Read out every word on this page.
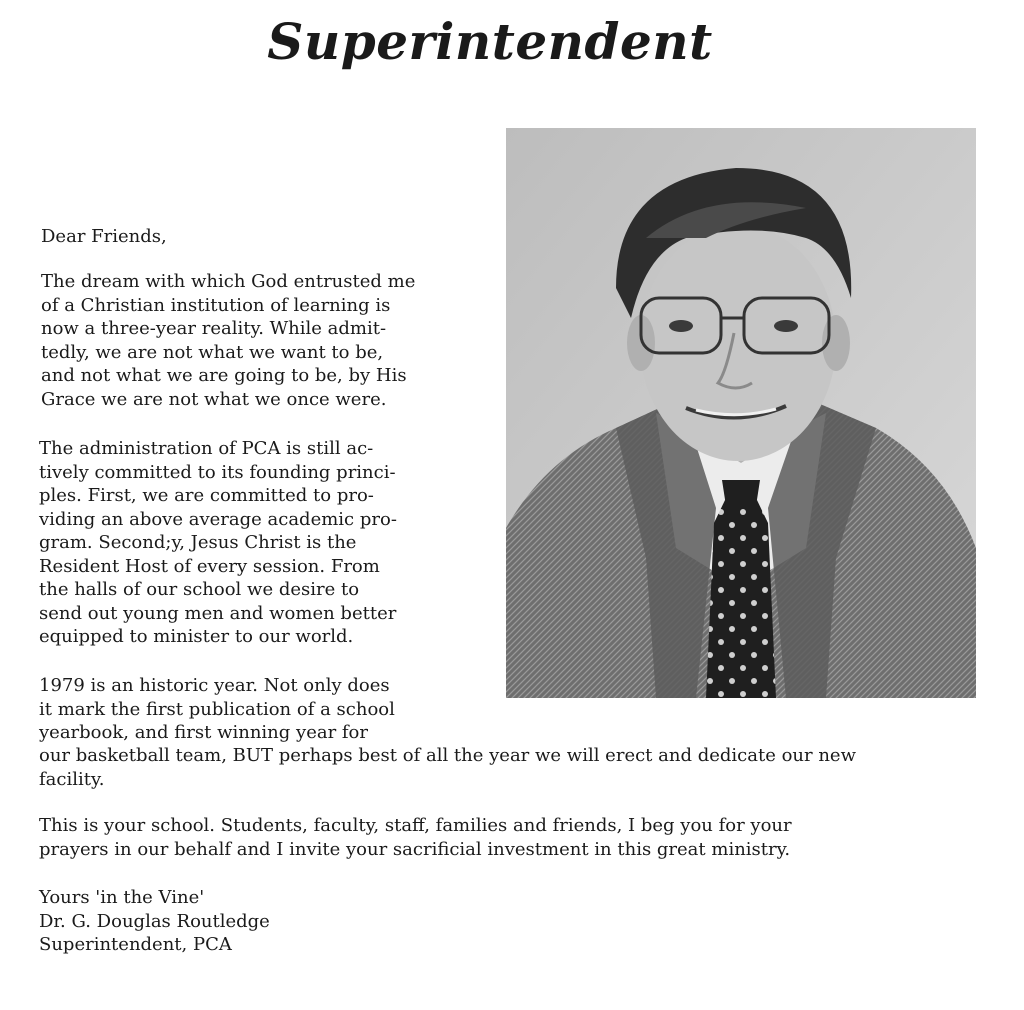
Superintendent

Dear Friends,

The dream with which God entrusted me
of a Christian institution of learning is
now a three-year reality. While admit-
tedly, we are not what we want to be,
and not what we are going to be, by His
Grace we are not what we once were.

The administration of PCA is still ac-
tively committed to its founding princi-
ples. First, we are committed to pro-
viding an above average academic pro-
gram. Second;y, Jesus Christ is the
Resident Host of every session. From
the halls of our school we desire to
send out young men and women better
equipped to minister to our world.

1979 is an historic year. Not only does
it mark the first publication of a school
yearbook, and first winning year for

our basketball team, BUT perhaps best of all the year we will erect and dedicate our new
facility.

This is your school. Students, faculty, staff, families and friends, I beg you for your
prayers in our behalf and I invite your sacrificial investment in this great ministry.

Yours 'in the Vine'
Dr. G. Douglas Routledge
Superintendent, PCA
